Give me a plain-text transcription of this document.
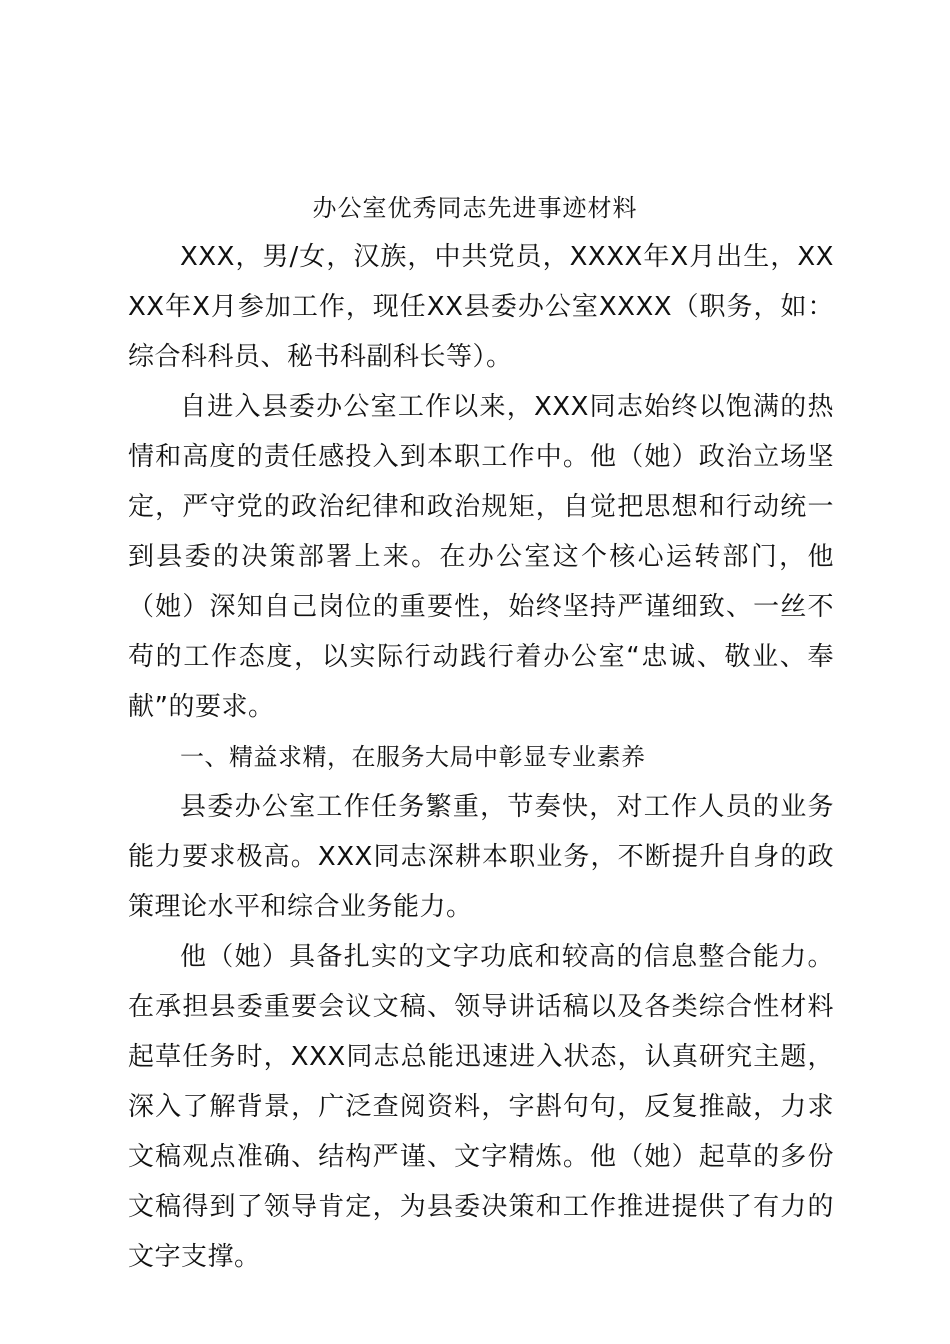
办公室优秀同志先进事迹材料

XXX，男/女，汉族，中共党员，XXXX年X月出生，XXXX年X月参加工作，现任XX县委办公室XXXX（职务，如：综合科科员、秘书科副科长等）。

自进入县委办公室工作以来，XXX同志始终以饱满的热情和高度的责任感投入到本职工作中。他（她）政治立场坚定，严守党的政治纪律和政治规矩，自觉把思想和行动统一到县委的决策部署上来。在办公室这个核心运转部门，他（她）深知自己岗位的重要性，始终坚持严谨细致、一丝不苟的工作态度，以实际行动践行着办公室“忠诚、敬业、奉献”的要求。

一、精益求精，在服务大局中彰显专业素养

县委办公室工作任务繁重，节奏快，对工作人员的业务能力要求极高。XXX同志深耕本职业务，不断提升自身的政策理论水平和综合业务能力。

他（她）具备扎实的文字功底和较高的信息整合能力。在承担县委重要会议文稿、领导讲话稿以及各类综合性材料起草任务时，XXX同志总能迅速进入状态，认真研究主题，深入了解背景，广泛查阅资料，字斟句句，反复推敲，力求文稿观点准确、结构严谨、文字精炼。他（她）起草的多份文稿得到了领导肯定，为县委决策和工作推进提供了有力的文字支撑。
